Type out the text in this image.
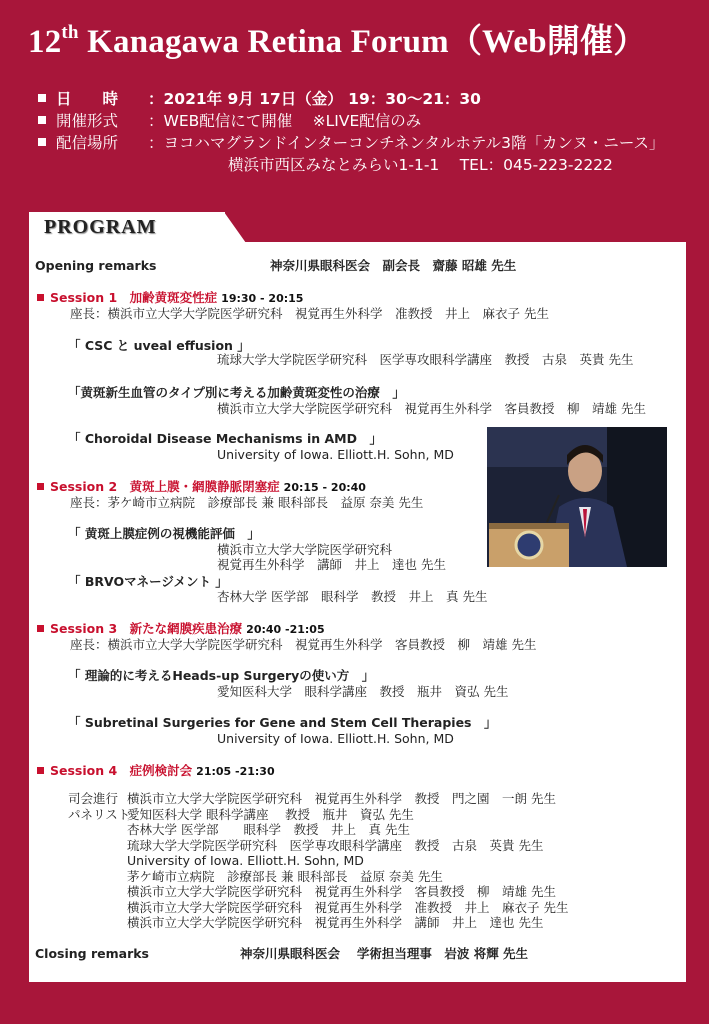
12th Kanagawa Retina Forum（Web開催）
日　　時 ：2021年 9月 17日（金） 19：30〜21：30
開催形式 ：WEB配信にて開催　 ※LIVE配信のみ
配信場所 ：ヨコハマグランドインターコンチネンタルホテル3階「カンヌ・ニース」
横浜市西区みなとみらい1-1-1　 TEL：045-223-2222
PROGRAM
Opening remarks	神奈川県眼科医会　副会長　齋藤 昭雄 先生
Session 1　加齢黄斑変性症 19:30 - 20:15
座長：横浜市立大学大学院医学研究科　視覚再生外科学　准教授　井上　麻衣子 先生
「 CSC と uveal effusion 」
琉球大学大学院医学研究科　医学専攻眼科学講座　教授　古泉　英貴 先生
「黄斑新生血管のタイプ別に考える加齢黄斑変性の治療　」
横浜市立大学大学院医学研究科　視覚再生外科学　客員教授　柳　靖雄 先生
「 Choroidal Disease Mechanisms in AMD　」
University of Iowa. Elliott.H. Sohn, MD
Session 2　黄斑上膜・網膜静脈閉塞症 20:15 - 20:40
座長：茅ケ崎市立病院　診療部長 兼 眼科部長　益原 奈美 先生
「 黄斑上膜症例の視機能評価　」
横浜市立大学大学院医学研究科
視覚再生外科学　講師　井上　達也 先生
「 BRVOマネージメント 」
杏林大学 医学部　眼科学　教授　井上　真 先生
Session 3　新たな網膜疾患治療 20:40 -21:05
座長：横浜市立大学大学院医学研究科　視覚再生外科学　客員教授　柳　靖雄 先生
「 理論的に考えるHeads-up Surgeryの使い方　」
愛知医科大学　眼科学講座　教授　瓶井　資弘 先生
「 Subretinal Surgeries for Gene and Stem Cell Therapies　」
University of Iowa. Elliott.H. Sohn, MD
Session 4　症例検討会 21:05 -21:30
司会進行 横浜市立大学大学院医学研究科　視覚再生外科学　教授　門之園　一朗 先生
パネリスト
愛知医科大学 眼科学講座　 教授　瓶井　資弘 先生
杏林大学 医学部　　眼科学　教授　井上　真 先生
琉球大学大学院医学研究科　医学専攻眼科学講座　教授　古泉　英貴 先生
University of Iowa. Elliott.H. Sohn, MD
茅ケ崎市立病院　診療部長 兼 眼科部長　益原 奈美 先生
横浜市立大学大学院医学研究科　視覚再生外科学　客員教授　柳　靖雄 先生
横浜市立大学大学院医学研究科　視覚再生外科学　准教授　井上　麻衣子 先生
横浜市立大学大学院医学研究科　視覚再生外科学　講師　井上　達也 先生
Closing remarks	神奈川県眼科医会　 学術担当理事　岩波 将輝 先生
